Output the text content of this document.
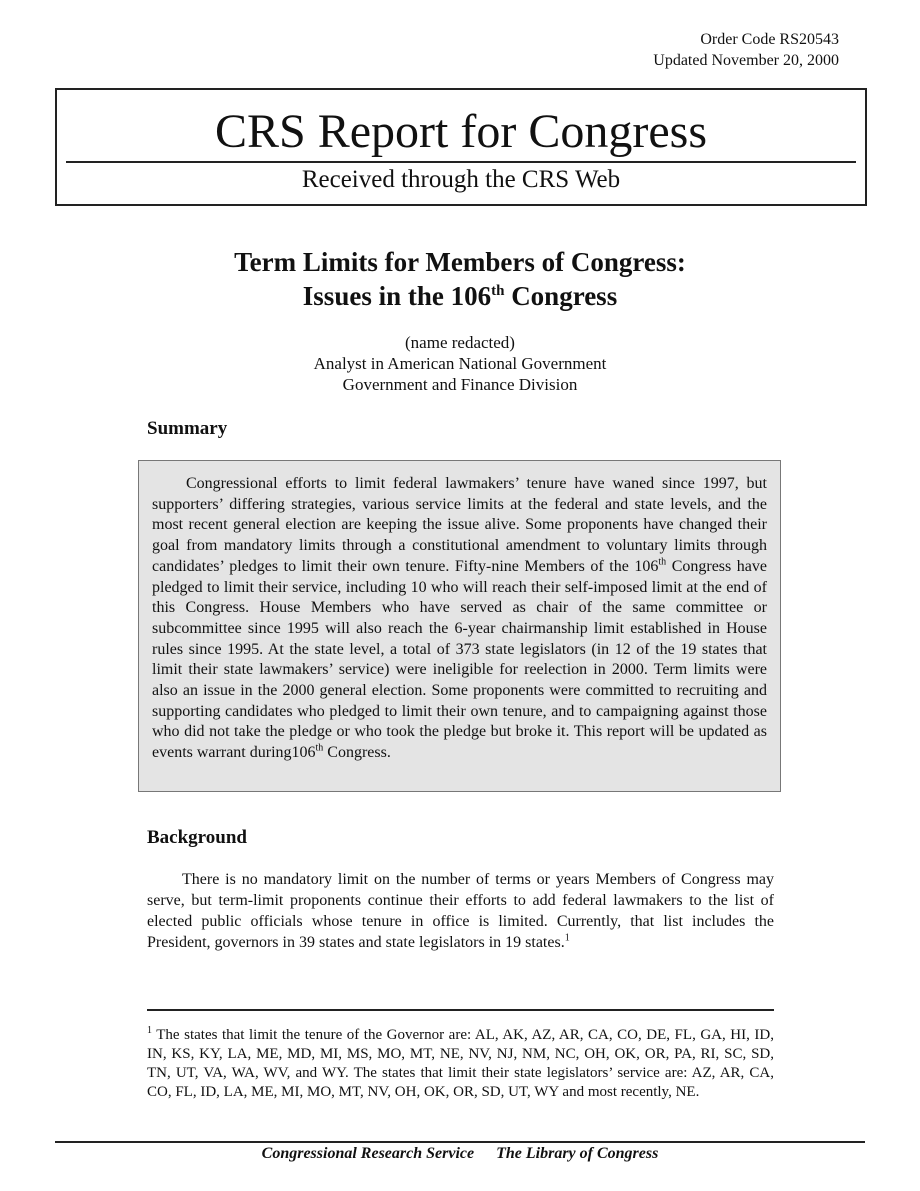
Order Code RS20543
Updated November 20, 2000
CRS Report for Congress
Received through the CRS Web
Term Limits for Members of Congress:
Issues in the 106th Congress
(name redacted)
Analyst in American National Government
Government and Finance Division
Summary

Congressional efforts to limit federal lawmakers’ tenure have waned since 1997, but supporters’ differing strategies, various service limits at the federal and state levels, and the most recent general election are keeping the issue alive. Some proponents have changed their goal from mandatory limits through a constitutional amendment to voluntary limits through candidates’ pledges to limit their own tenure. Fifty-nine Members of the 106th Congress have pledged to limit their service, including 10 who will reach their self-imposed limit at the end of this Congress. House Members who have served as chair of the same committee or subcommittee since 1995 will also reach the 6-year chairmanship limit established in House rules since 1995. At the state level, a total of 373 state legislators (in 12 of the 19 states that limit their state lawmakers’ service) were ineligible for reelection in 2000. Term limits were also an issue in the 2000 general election. Some proponents were committed to recruiting and supporting candidates who pledged to limit their own tenure, and to campaigning against those who did not take the pledge or who took the pledge but broke it. This report will be updated as events warrant during106th Congress.

Background

There is no mandatory limit on the number of terms or years Members of Congress may serve, but term-limit proponents continue their efforts to add federal lawmakers to the list of elected public officials whose tenure in office is limited. Currently, that list includes the President, governors in 39 states and state legislators in 19 states.$^1$

$^1$ The states that limit the tenure of the Governor are: AL, AK, AZ, AR, CA, CO, DE, FL, GA, HI, ID, IN, KS, KY, LA, ME, MD, MI, MS, MO, MT, NE, NV, NJ, NM, NC, OH, OK, OR, PA, RI, SC, SD, TN, UT, VA, WA, WV, and WY. The states that limit their state legislators’ service are: AZ, AR, CA, CO, FL, ID, LA, ME, MI, MO, MT, NV, OH, OK, OR, SD, UT, WY and most recently, NE.

Congressional Research Service The Library of Congress
